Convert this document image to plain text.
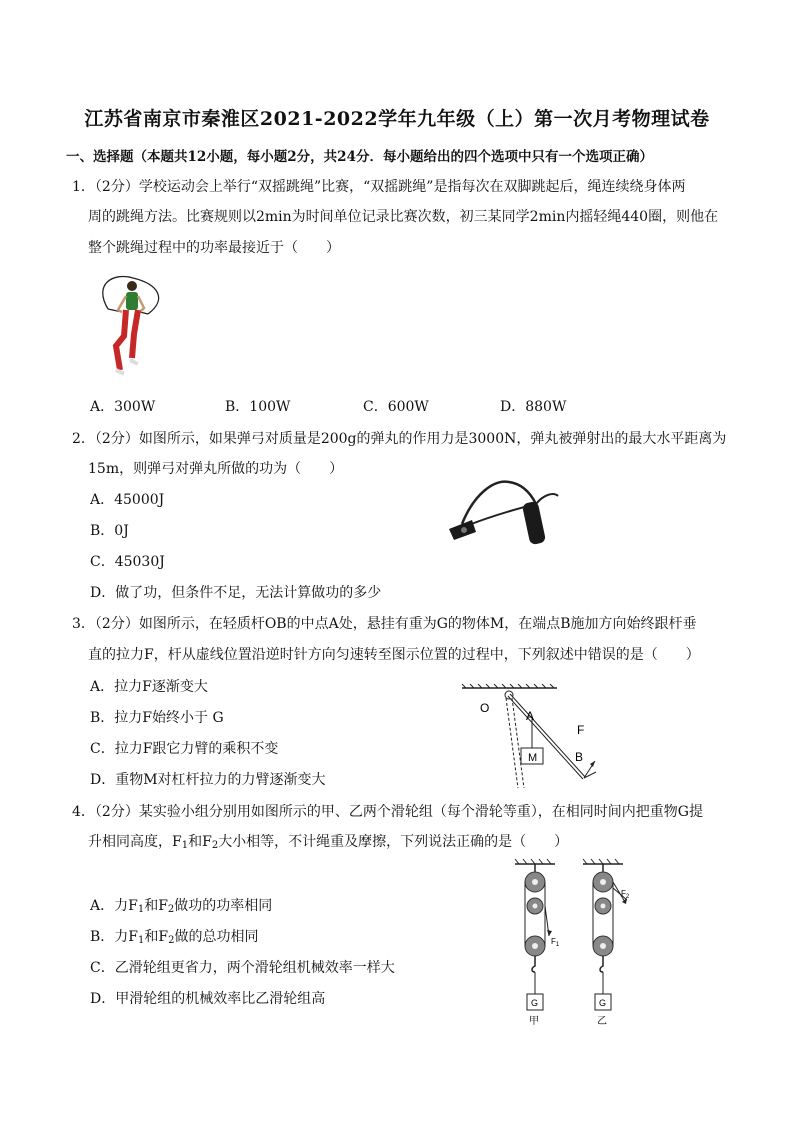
江苏省南京市秦淮区2021-2022学年九年级（上）第一次月考物理试卷
一、选择题（本题共12小题，每小题2分，共24分．每小题给出的四个选项中只有一个选项正确）
1．（2分）学校运动会上举行“双摇跳绳”比赛，“双摇跳绳”是指每次在双脚跳起后，绳连续绕身体两
周的跳绳方法。比赛规则以2min为时间单位记录比赛次数，初三某同学2min内摇轻绳440圈，则他在
整个跳绳过程中的功率最接近于（　　）
A．300W	B．100W	C．600W	D．880W
2．（2分）如图所示，如果弹弓对质量是200g的弹丸的作用力是3000N，弹丸被弹射出的最大水平距离为
15m，则弹弓对弹丸所做的功为（　　）
A．45000J
B．0J
C．45030J
D．做了功，但条件不足，无法计算做功的多少
3．（2分）如图所示，在轻质杆OB的中点A处，悬挂有重为G的物体M，在端点B施加方向始终跟杆垂
直的拉力F，杆从虚线位置沿逆时针方向匀速转至图示位置的过程中，下列叙述中错误的是（　　）
A．拉力F逐渐变大
B．拉力F始终小于 G
C．拉力F跟它力臂的乘积不变
D．重物M对杠杆拉力的力臂逐渐变大
O
A
M
F
B
4．（2分）某实验小组分别用如图所示的甲、乙两个滑轮组（每个滑轮等重），在相同时间内把重物G提
升相同高度，$F_1$和$F_2$大小相等，不计绳重及摩擦，下列说法正确的是（　　）
A．力$F_1$和$F_2$做功的功率相同
B．力$F_1$和$F_2$做的总功相同
C．乙滑轮组更省力，两个滑轮组机械效率一样大
D．甲滑轮组的机械效率比乙滑轮组高	G	G
$F_1$
$F_2$
甲	乙
